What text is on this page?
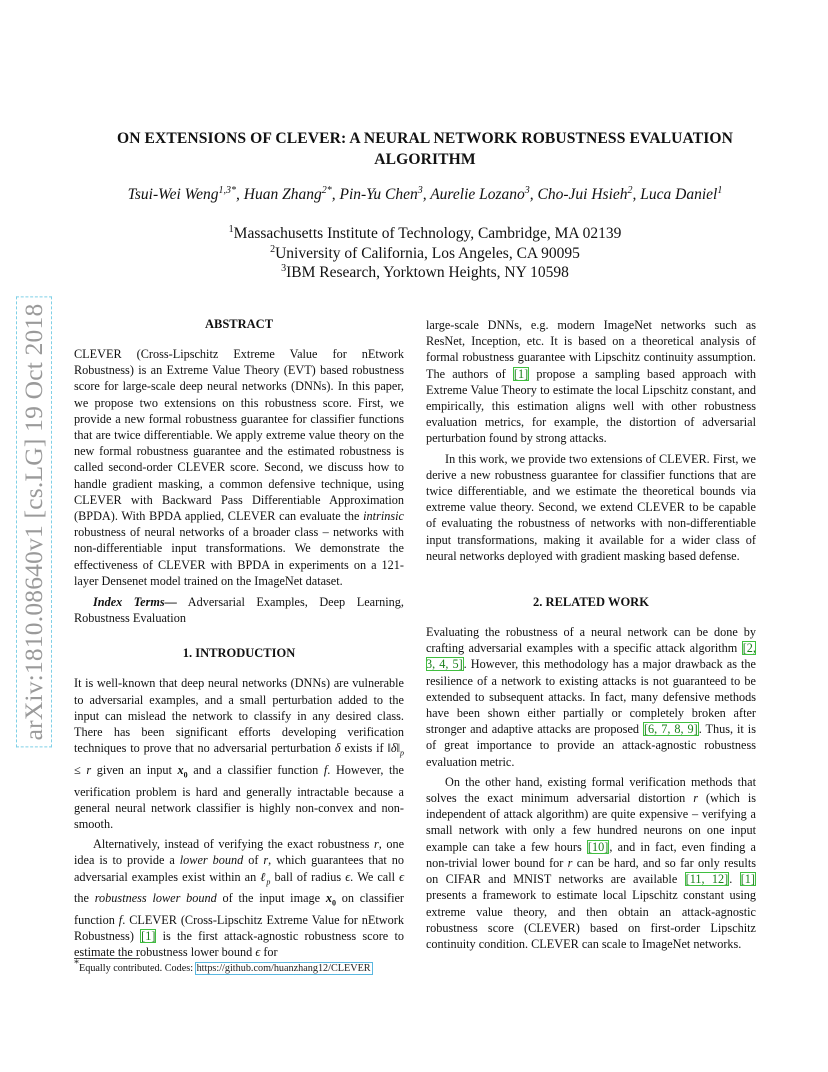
arXiv:1810.08640v1 [cs.LG] 19 Oct 2018
ON EXTENSIONS OF CLEVER: A NEURAL NETWORK ROBUSTNESS EVALUATION
ALGORITHM
Tsui-Wei Weng$^{1,3*}$, Huan Zhang$^{2*}$, Pin-Yu Chen$^3$, Aurelie Lozano$^3$, Cho-Jui Hsieh$^2$, Luca Daniel$^1$
$^1$Massachusetts Institute of Technology, Cambridge, MA 02139
$^2$University of California, Los Angeles, CA 90095
$^3$IBM Research, Yorktown Heights, NY 10598
ABSTRACT

CLEVER (Cross-Lipschitz Extreme Value for nEtwork Robustness) is an Extreme Value Theory (EVT) based robustness score for large-scale deep neural networks (DNNs). In this paper, we propose two extensions on this robustness score. First, we provide a new formal robustness guarantee for classifier functions that are twice differentiable. We apply extreme value theory on the new formal robustness guarantee and the estimated robustness is called second-order CLEVER score. Second, we discuss how to handle gradient masking, a common defensive technique, using CLEVER with Backward Pass Differentiable Approximation (BPDA). With BPDA applied, CLEVER can evaluate the intrinsic robustness of neural networks of a broader class – networks with non-differentiable input transformations. We demonstrate the effectiveness of CLEVER with BPDA in experiments on a 121-layer Densenet model trained on the ImageNet dataset.

Index Terms— Adversarial Examples, Deep Learning, Robustness Evaluation

1. INTRODUCTION

It is well-known that deep neural networks (DNNs) are vulnerable to adversarial examples, and a small perturbation added to the input can mislead the network to classify in any desired class. There has been significant efforts developing verification techniques to prove that no adversarial perturbation δ exists if $‖\delta‖_p \le r$ given an input $x_0$ and a classifier function f. However, the verification problem is hard and generally intractable because a general neural network classifier is highly non-convex and non-smooth.

Alternatively, instead of verifying the exact robustness r, one idea is to provide a lower bound of r, which guarantees that no adversarial examples exist within an ℓ$_p$ ball of radius ϵ. We call ϵ the robustness lower bound of the input image $x_0$ on classifier function f. CLEVER (Cross-Lipschitz Extreme Value for nEtwork Robustness) [1] is the first attack-agnostic robustness score to estimate the robustness lower bound ϵ for

large-scale DNNs, e.g. modern ImageNet networks such as ResNet, Inception, etc. It is based on a theoretical analysis of formal robustness guarantee with Lipschitz continuity assumption. The authors of [1] propose a sampling based approach with Extreme Value Theory to estimate the local Lipschitz constant, and empirically, this estimation aligns well with other robustness evaluation metrics, for example, the distortion of adversarial perturbation found by strong attacks.

In this work, we provide two extensions of CLEVER. First, we derive a new robustness guarantee for classifier functions that are twice differentiable, and we estimate the theoretical bounds via extreme value theory. Second, we extend CLEVER to be capable of evaluating the robustness of networks with non-differentiable input transformations, making it available for a wider class of neural networks deployed with gradient masking based defense.

2. RELATED WORK

Evaluating the robustness of a neural network can be done by crafting adversarial examples with a specific attack algorithm [2, 3, 4, 5]. However, this methodology has a major drawback as the resilience of a network to existing attacks is not guaranteed to be extended to subsequent attacks. In fact, many defensive methods have been shown either partially or completely broken after stronger and adaptive attacks are proposed [6, 7, 8, 9]. Thus, it is of great importance to provide an attack-agnostic robustness evaluation metric.

On the other hand, existing formal verification methods that solves the exact minimum adversarial distortion r (which is independent of attack algorithm) are quite expensive – verifying a small network with only a few hundred neurons on one input example can take a few hours [10], and in fact, even finding a non-trivial lower bound for r can be hard, and so far only results on CIFAR and MNIST networks are available [11, 12]. [1] presents a framework to estimate local Lipschitz constant using extreme value theory, and then obtain an attack-agnostic robustness score (CLEVER) based on first-order Lipschitz continuity condition. CLEVER can scale to ImageNet networks.

*Equally contributed. Codes: https://github.com/huanzhang12/CLEVER
